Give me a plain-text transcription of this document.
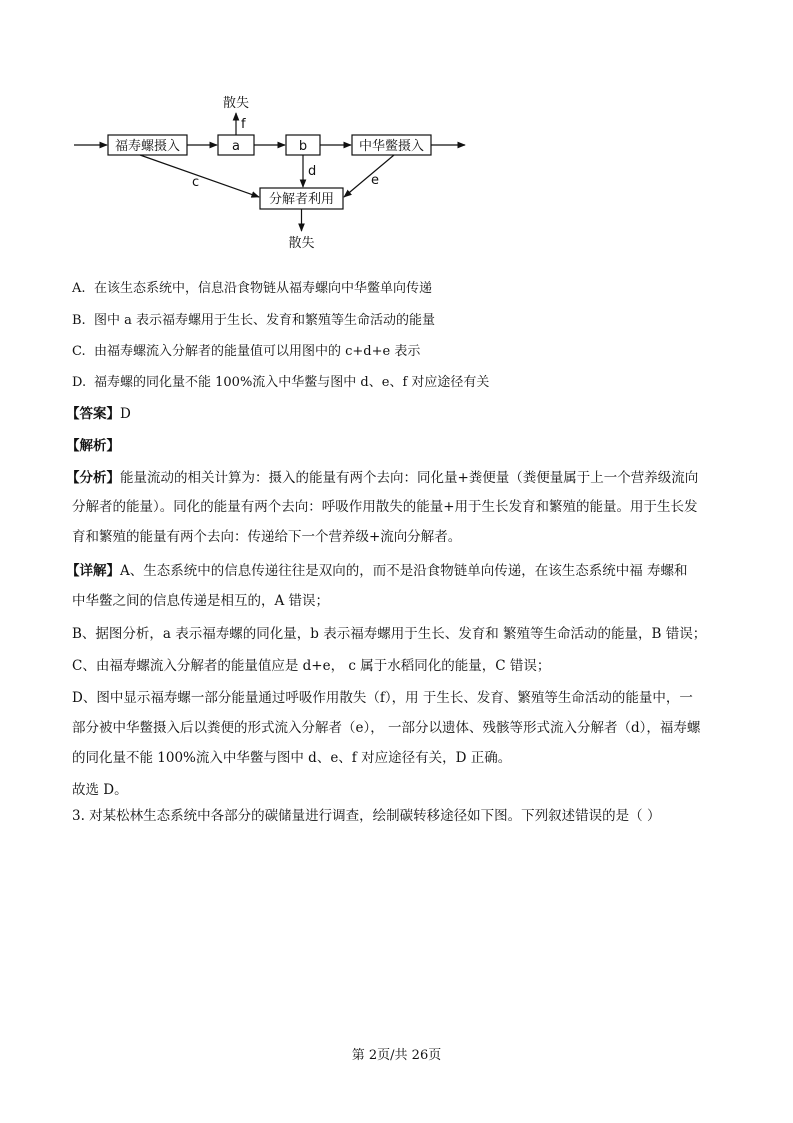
福寿螺摄入	a	b	中华鳖摄入
f
散失
分解者利用
d
c	e
散失
A. 在该生态系统中，信息沿食物链从福寿螺向中华鳖单向传递
B. 图中 a 表示福寿螺用于生长、发育和繁殖等生命活动的能量
C. 由福寿螺流入分解者的能量值可以用图中的 c+d+e 表示
D. 福寿螺的同化量不能 100%流入中华鳖与图中 d、e、f 对应途径有关
【答案】D
【解析】
【分析】能量流动的相关计算为：摄入的能量有两个去向：同化量+粪便量（粪便量属于上一个营养级流向
分解者的能量）。同化的能量有两个去向：呼吸作用散失的能量+用于生长发育和繁殖的能量。用于生长发
育和繁殖的能量有两个去向：传递给下一个营养级+流向分解者。
【详解】A、生态系统中的信息传递往往是双向的，而不是沿食物链单向传递，在该生态系统中福 寿螺和
中华鳖之间的信息传递是相互的，A 错误；
B、据图分析，a 表示福寿螺的同化量，b 表示福寿螺用于生长、发育和 繁殖等生命活动的能量，B 错误；
C、由福寿螺流入分解者的能量值应是 d+e， c 属于水稻同化的能量，C 错误；
D、图中显示福寿螺一部分能量通过呼吸作用散失（f），用 于生长、发育、繁殖等生命活动的能量中，一
部分被中华鳖摄入后以粪便的形式流入分解者（e）， 一部分以遗体、残骸等形式流入分解者（d），福寿螺
的同化量不能 100%流入中华鳖与图中 d、e、f 对应途径有关，D 正确。
故选 D。
3. 对某松林生态系统中各部分的碳储量进行调查，绘制碳转移途径如下图。下列叙述错误的是（ ）
第 2页/共 26页
